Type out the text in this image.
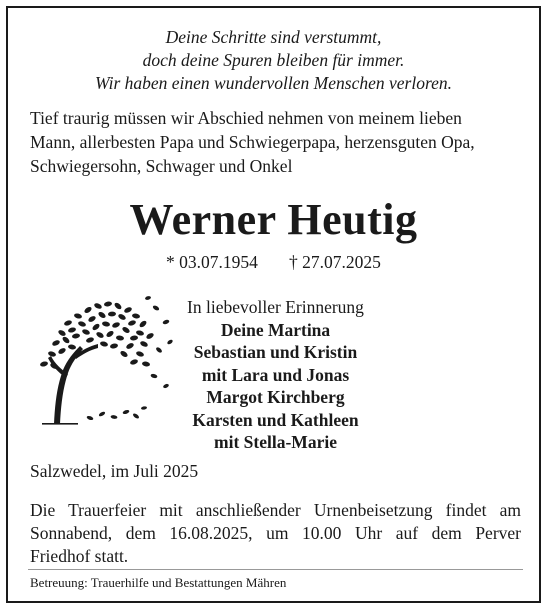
Deine Schritte sind verstummt,
doch deine Spuren bleiben für immer.
Wir haben einen wundervollen Menschen verloren.
Tief traurig müssen wir Abschied nehmen von meinem lieben
Mann, allerbesten Papa und Schwiegerpapa, herzensguten Opa,
Schwiegersohn, Schwager und Onkel
Werner Heutig
* 03.07.1954 † 27.07.2025
In liebevoller Erinnerung
Deine Martina
Sebastian und Kristin
mit Lara und Jonas
Margot Kirchberg
Karsten und Kathleen
mit Stella-Marie
Salzwedel, im Juli 2025
Die Trauerfeier mit anschließender Urnenbeisetzung findet am
Sonnabend, dem 16.08.2025, um 10.00 Uhr auf dem Perver
Friedhof statt.
Betreuung: Trauerhilfe und Bestattungen Mähren
